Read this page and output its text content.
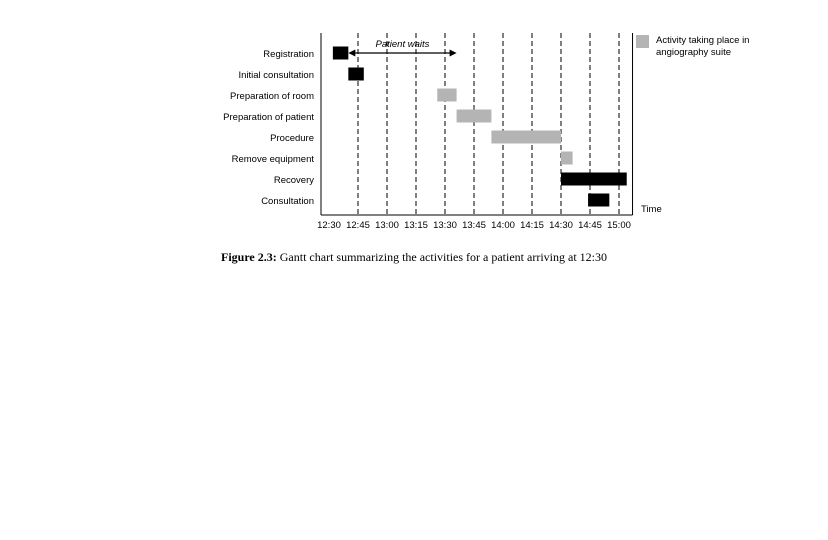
Registration
Initial consultation
Preparation of room
Preparation of patient
Procedure
Remove equipment
Recovery
Consultation
12:30 12:45 13:00 13:15 13:30 13:45 14:00 14:15 14:30 14:45 15:00
Patient waits	Activity taking place in
angiography suite
Time
Figure 2.3: Gantt chart summarizing the activities for a patient arriving at 12:30
